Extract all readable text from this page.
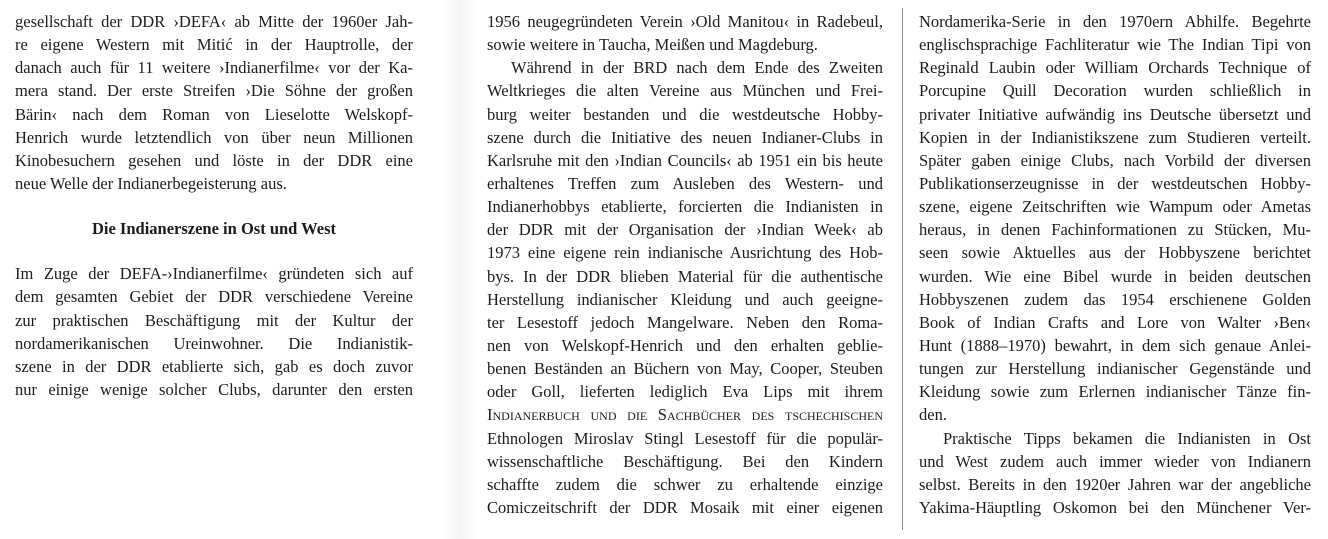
gesellschaft der DDR ›DEFA‹ ab Mitte der 1960er Jah-
re eigene Western mit Mitić in der Hauptrolle, der
danach auch für 11 weitere ›Indianerfilme‹ vor der Ka-
mera stand. Der erste Streifen ›Die Söhne der großen
Bärin‹ nach dem Roman von Lieselotte Welskopf-
Henrich wurde letztendlich von über neun Millionen
Kinobesuchern gesehen und löste in der DDR eine
neue Welle der Indianerbegeisterung aus.
Die Indianerszene in Ost und West
Im Zuge der DEFA-›Indianerfilme‹ gründeten sich auf
dem gesamten Gebiet der DDR verschiedene Vereine
zur praktischen Beschäftigung mit der Kultur der
nordamerikanischen Ureinwohner. Die Indianistik-
szene in der DDR etablierte sich, gab es doch zuvor
nur einige wenige solcher Clubs, darunter den ersten
1956 neugegründeten Verein ›Old Manitou‹ in Radebeul,
sowie weitere in Taucha, Meißen und Magdeburg.
Während in der BRD nach dem Ende des Zweiten
Weltkrieges die alten Vereine aus München und Frei-
burg weiter bestanden und die westdeutsche Hobby-
szene durch die Initiative des neuen Indianer-Clubs in
Karlsruhe mit den ›Indian Councils‹ ab 1951 ein bis heute
erhaltenes Treffen zum Ausleben des Western- und
Indianerhobbys etablierte, forcierten die Indianisten in
der DDR mit der Organisation der ›Indian Week‹ ab
1973 eine eigene rein indianische Ausrichtung des Hob-
bys. In der DDR blieben Material für die authentische
Herstellung indianischer Kleidung und auch geeigne-
ter Lesestoff jedoch Mangelware. Neben den Roma-
nen von Welskopf-Henrich und den erhalten geblie-
benen Beständen an Büchern von May, Cooper, Steuben
oder Goll, lieferten lediglich Eva Lips mit ihrem
Indianerbuch und die Sachbücher des tschechischen
Ethnologen Miroslav Stingl Lesestoff für die populär-
wissenschaftliche Beschäftigung. Bei den Kindern
schaffte zudem die schwer zu erhaltende einzige
Comiczeitschrift der DDR Mosaik mit einer eigenen
Nordamerika-Serie in den 1970ern Abhilfe. Begehrte
englischsprachige Fachliteratur wie The Indian Tipi von
Reginald Laubin oder William Orchards Technique of
Porcupine Quill Decoration wurden schließlich in
privater Initiative aufwändig ins Deutsche übersetzt und
Kopien in der Indianistikszene zum Studieren verteilt.
Später gaben einige Clubs, nach Vorbild der diversen
Publikationserzeugnisse in der westdeutschen Hobby-
szene, eigene Zeitschriften wie Wampum oder Ametas
heraus, in denen Fachinformationen zu Stücken, Mu-
seen sowie Aktuelles aus der Hobbyszene berichtet
wurden. Wie eine Bibel wurde in beiden deutschen
Hobbyszenen zudem das 1954 erschienene Golden
Book of Indian Crafts and Lore von Walter ›Ben‹
Hunt (1888–1970) bewahrt, in dem sich genaue Anlei-
tungen zur Herstellung indianischer Gegenstände und
Kleidung sowie zum Erlernen indianischer Tänze fin-
den.
Praktische Tipps bekamen die Indianisten in Ost
und West zudem auch immer wieder von Indianern
selbst. Bereits in den 1920er Jahren war der angebliche
Yakima-Häuptling Oskomon bei den Münchener Ver-
